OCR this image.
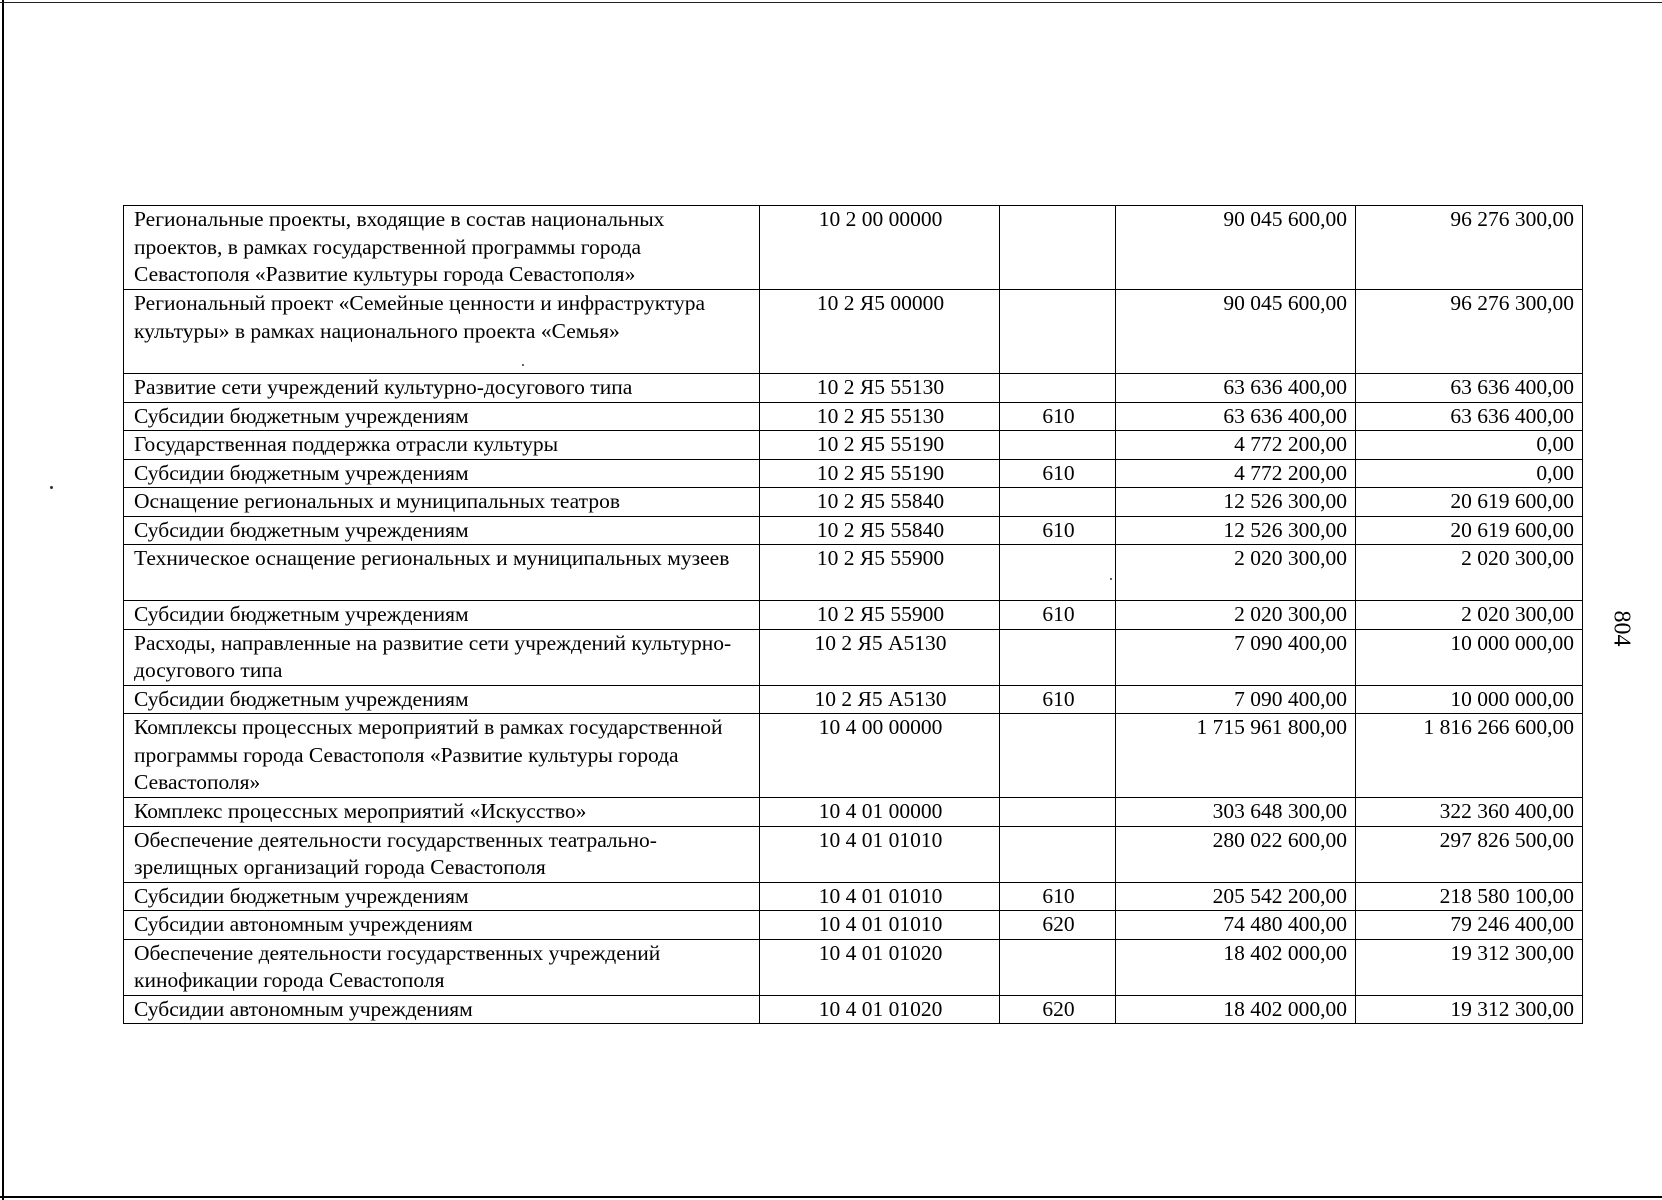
Региональные проекты, входящие в состав национальных проектов, в рамках государственной программы города Севастополя «Развитие культуры города Севастополя»	10 2 00 00000		90 045 600,00	96 276 300,00
Региональный проект «Семейные ценности и инфраструктура культуры» в рамках национального проекта «Семья»	10 2 Я5 00000		90 045 600,00	96 276 300,00
Развитие сети учреждений культурно-досугового типа	10 2 Я5 55130		63 636 400,00	63 636 400,00
Субсидии бюджетным учреждениям	10 2 Я5 55130	610	63 636 400,00	63 636 400,00
Государственная поддержка отрасли культуры	10 2 Я5 55190		4 772 200,00	0,00
Субсидии бюджетным учреждениям	10 2 Я5 55190	610	4 772 200,00	0,00
Оснащение региональных и муниципальных театров	10 2 Я5 55840		12 526 300,00	20 619 600,00
Субсидии бюджетным учреждениям	10 2 Я5 55840	610	12 526 300,00	20 619 600,00
Техническое оснащение региональных и муниципальных музеев	10 2 Я5 55900		2 020 300,00	2 020 300,00
Субсидии бюджетным учреждениям	10 2 Я5 55900	610	2 020 300,00	2 020 300,00
Расходы, направленные на развитие сети учреждений культурно-досугового типа	10 2 Я5 А5130		7 090 400,00	10 000 000,00
Субсидии бюджетным учреждениям	10 2 Я5 А5130	610	7 090 400,00	10 000 000,00
Комплексы процессных мероприятий в рамках государственной программы города Севастополя «Развитие культуры города Севастополя»	10 4 00 00000		1 715 961 800,00	1 816 266 600,00
Комплекс процессных мероприятий «Искусство»	10 4 01 00000		303 648 300,00	322 360 400,00
Обеспечение деятельности государственных театрально-зрелищных организаций города Севастополя	10 4 01 01010		280 022 600,00	297 826 500,00
Субсидии бюджетным учреждениям	10 4 01 01010	610	205 542 200,00	218 580 100,00
Субсидии автономным учреждениям	10 4 01 01010	620	74 480 400,00	79 246 400,00
Обеспечение деятельности государственных учреждений кинофикации города Севастополя	10 4 01 01020		18 402 000,00	19 312 300,00
Субсидии автономным учреждениям	10 4 01 01020	620	18 402 000,00	19 312 300,00
804
